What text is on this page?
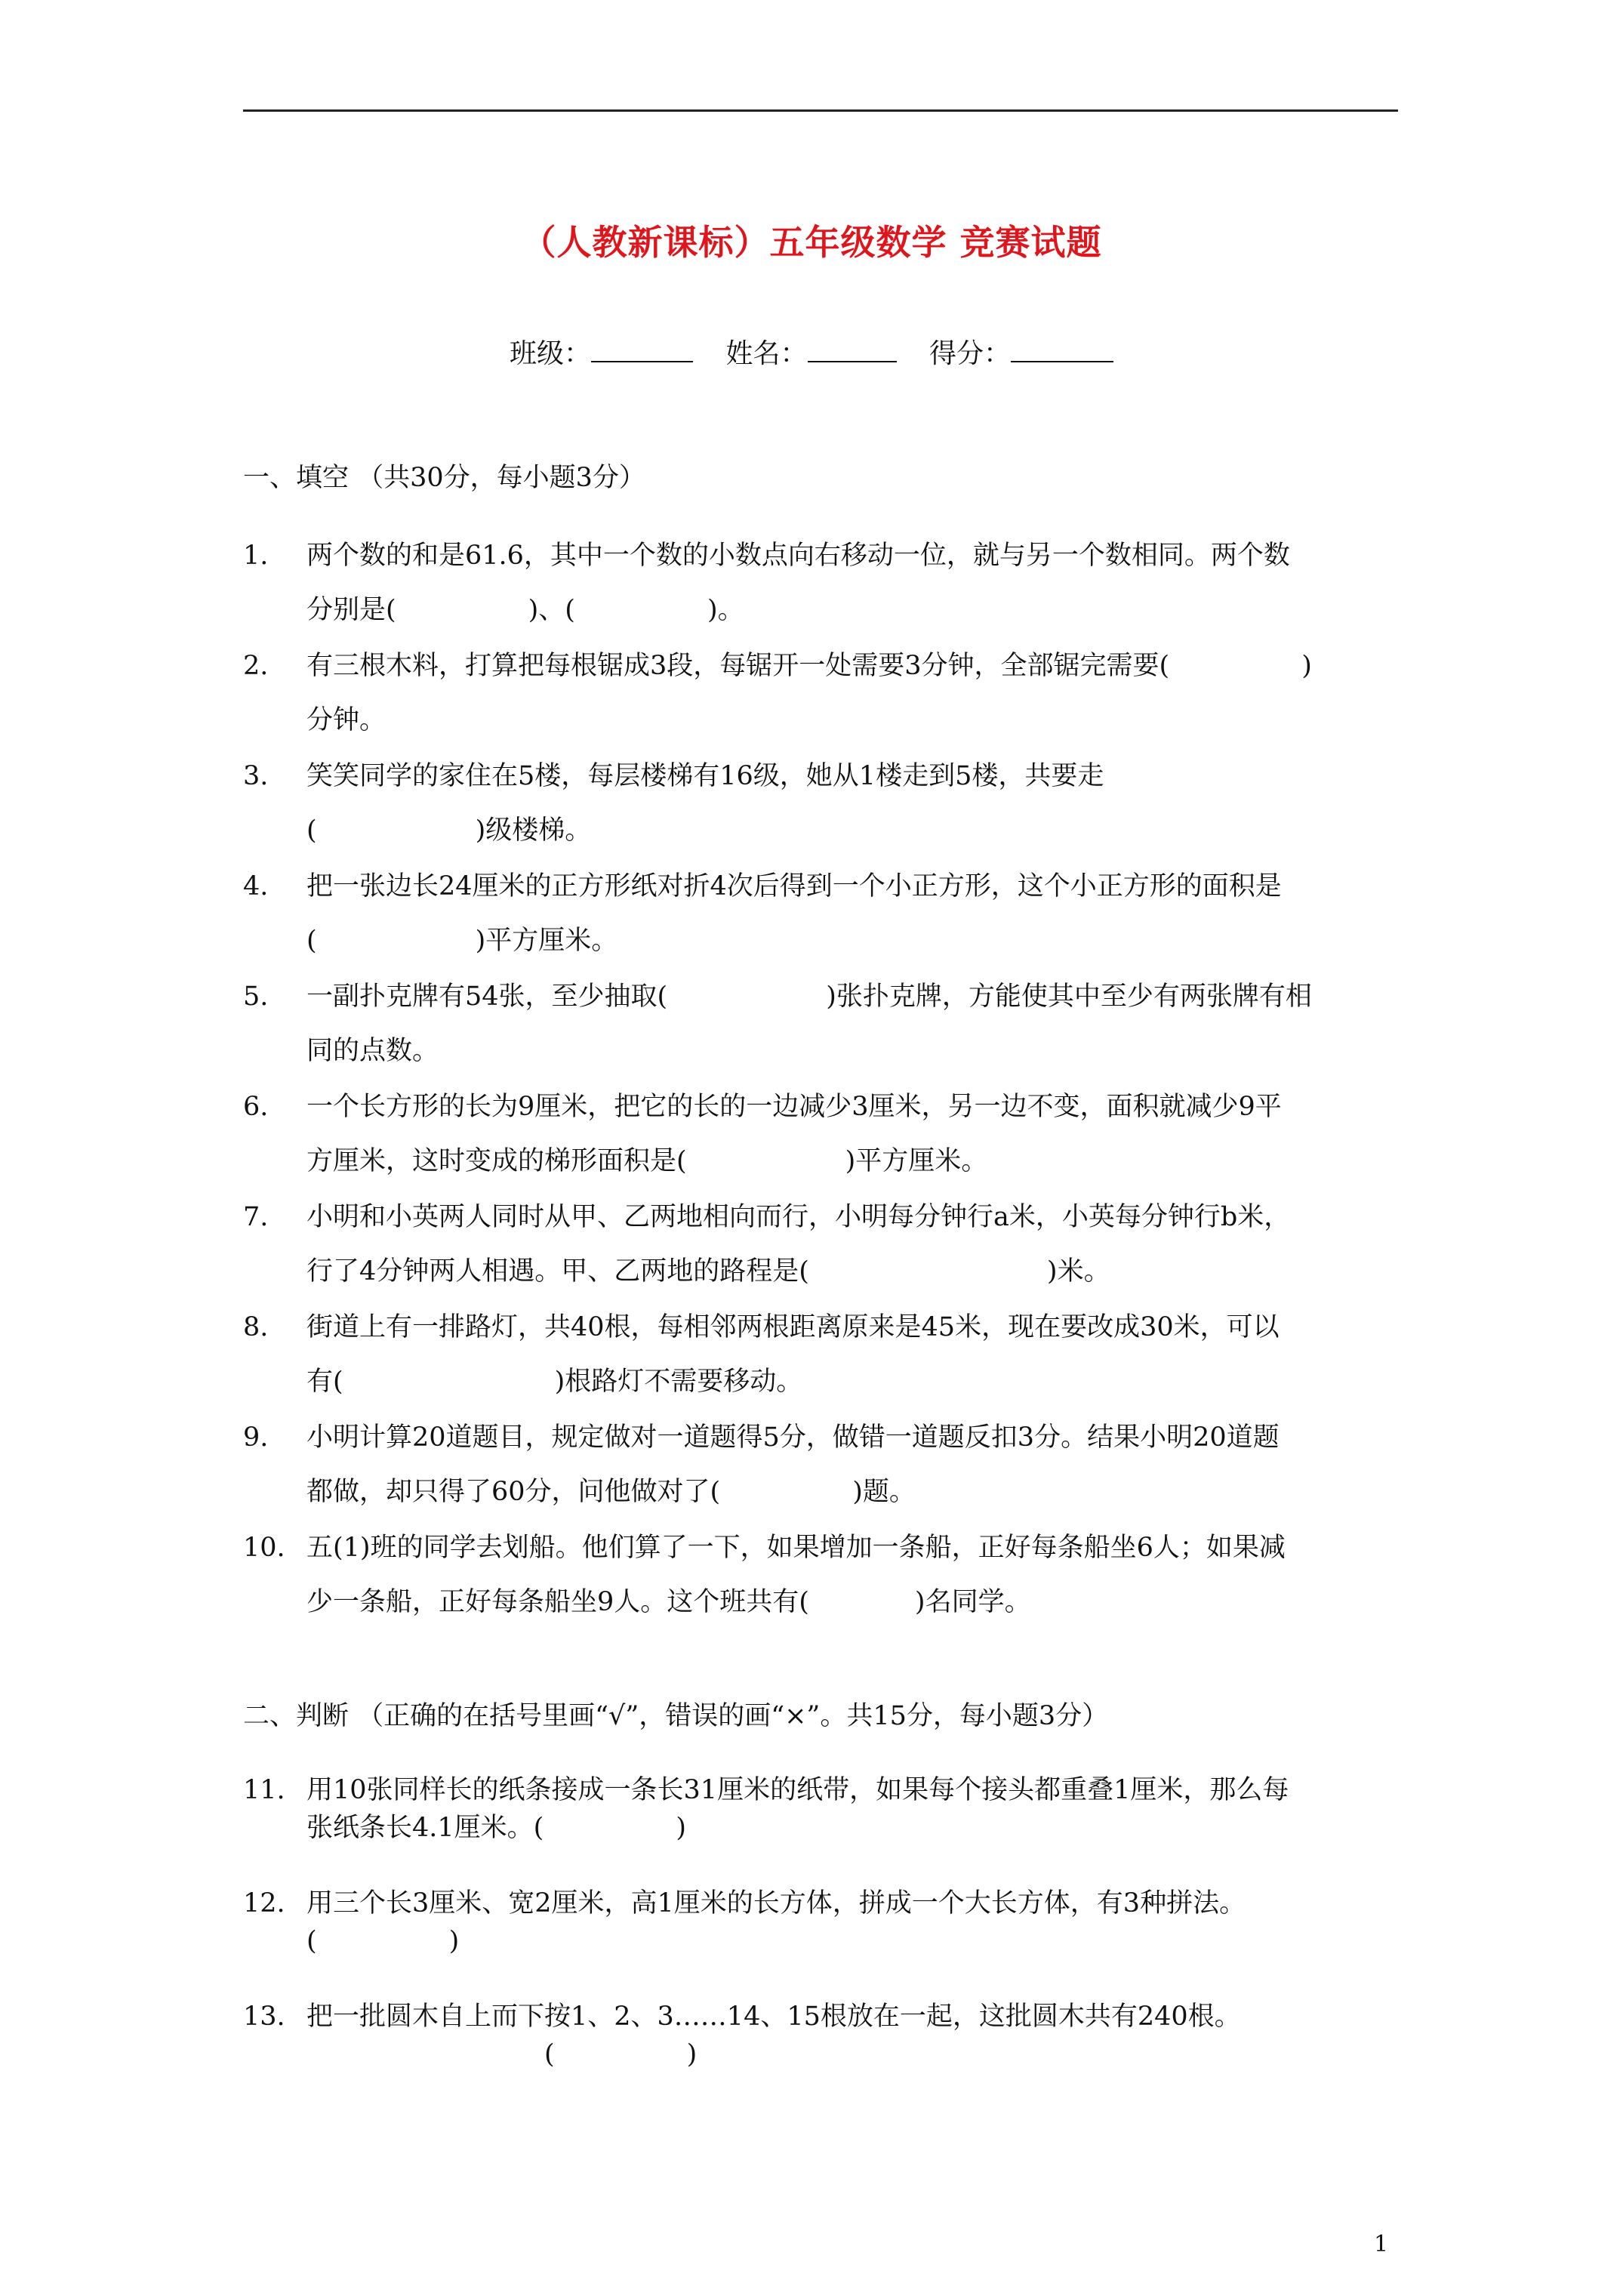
（人教新课标）五年级数学 竞赛试题
班级：	姓名：	得分：
一、填空 （共30分，每小题3分）
1. 两个数的和是61.6，其中一个数的小数点向右移动一位，就与另一个数相同。两个数
分别是(　　　　　)、(　　　　　)。
2. 有三根木料，打算把每根锯成3段，每锯开一处需要3分钟，全部锯完需要(　　　　　)
分钟。
3. 笑笑同学的家住在5楼，每层楼梯有16级，她从1楼走到5楼，共要走
(　　　　　　)级楼梯。
4. 把一张边长24厘米的正方形纸对折4次后得到一个小正方形，这个小正方形的面积是
(　　　　　　)平方厘米。
5. 一副扑克牌有54张，至少抽取(　　　　　　)张扑克牌，方能使其中至少有两张牌有相
同的点数。
6. 一个长方形的长为9厘米，把它的长的一边减少3厘米，另一边不变，面积就减少9平
方厘米，这时变成的梯形面积是(　　　　　　)平方厘米。
7. 小明和小英两人同时从甲、乙两地相向而行，小明每分钟行a米，小英每分钟行b米，
行了4分钟两人相遇。甲、乙两地的路程是(　　　　　　　　　)米。
8. 街道上有一排路灯，共40根，每相邻两根距离原来是45米，现在要改成30米，可以
有(　　　　　　　　)根路灯不需要移动。
9. 小明计算20道题目，规定做对一道题得5分，做错一道题反扣3分。结果小明20道题
都做，却只得了60分，问他做对了(　　　　　)题。
10. 五(1)班的同学去划船。他们算了一下，如果增加一条船，正好每条船坐6人；如果减
少一条船，正好每条船坐9人。这个班共有(　　　　)名同学。
二、判断 （正确的在括号里画“√”，错误的画“×”。共15分，每小题3分）
11. 用10张同样长的纸条接成一条长31厘米的纸带，如果每个接头都重叠1厘米，那么每
张纸条长4.1厘米。(　　　　　)
12. 用三个长3厘米、宽2厘米，高1厘米的长方体，拼成一个大长方体，有3种拼法。
(　　　　　)
13. 把一批圆木自上而下按1、2、3……14、15根放在一起，这批圆木共有240根。
　　　　　　　　　(　　　　　)
1
